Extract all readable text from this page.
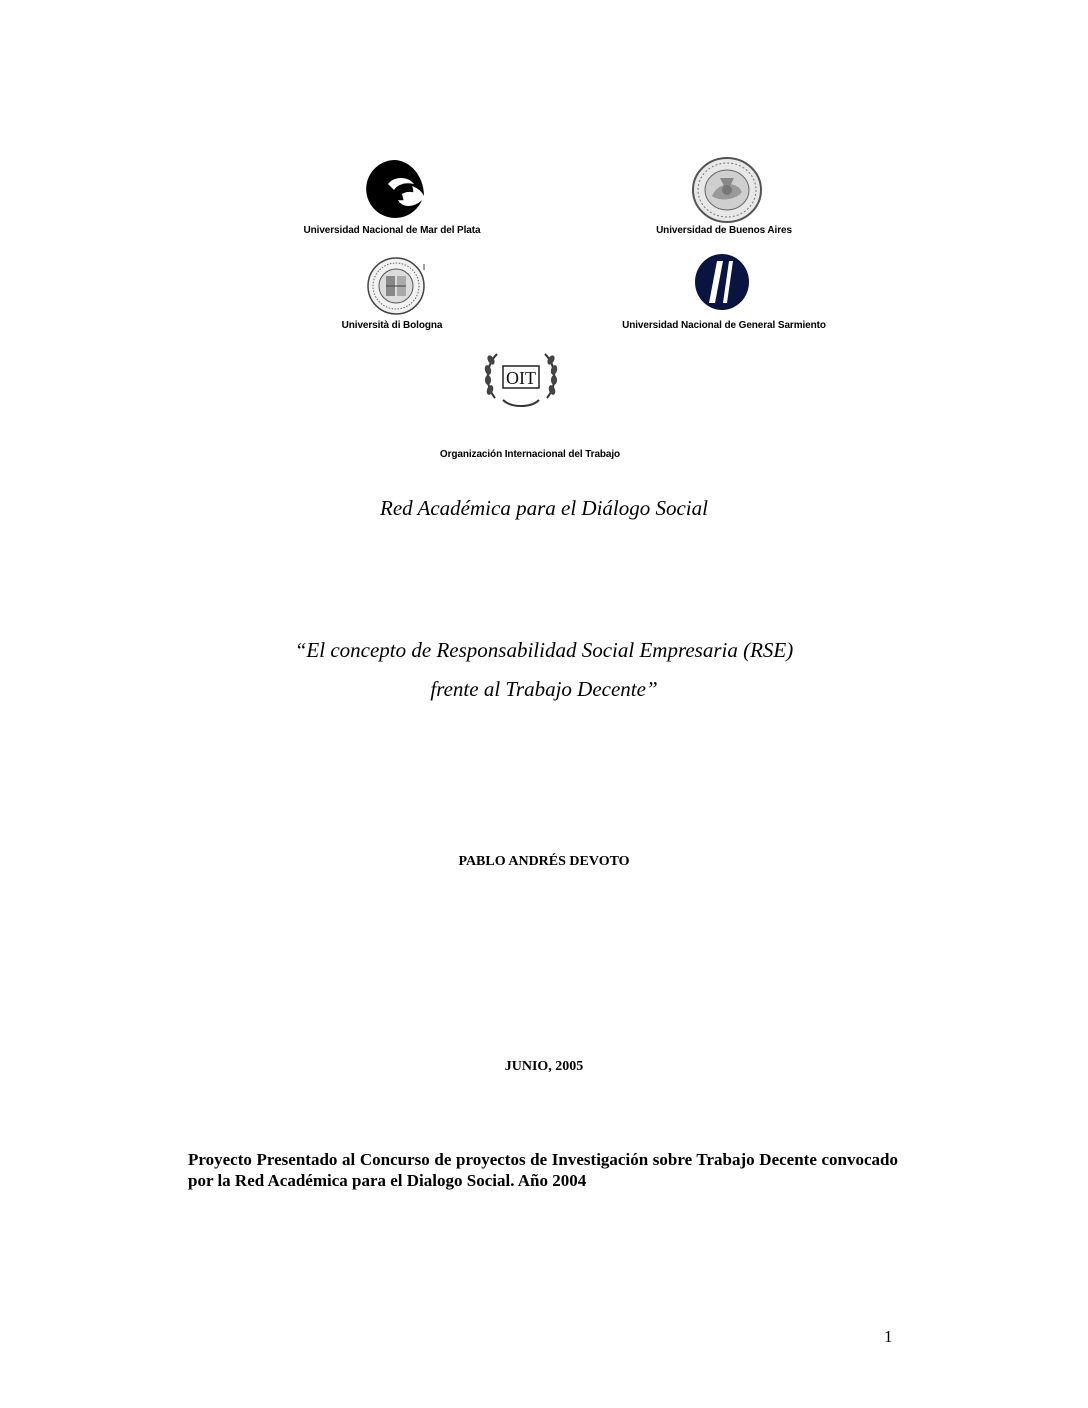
Universidad Nacional de Mar del Plata	Universidad de Buenos Aires
Università di Bologna	Universidad Nacional de General Sarmiento
OIT
Organización Internacional del Trabajo
Red Académica para el Diálogo Social
“El concepto de Responsabilidad Social Empresaria (RSE)
frente al Trabajo Decente”
PABLO ANDRÉS DEVOTO
JUNIO, 2005
Proyecto Presentado al Concurso de proyectos de Investigación sobre Trabajo Decente convocado por la Red Académica para el Dialogo Social. Año 2004
1
